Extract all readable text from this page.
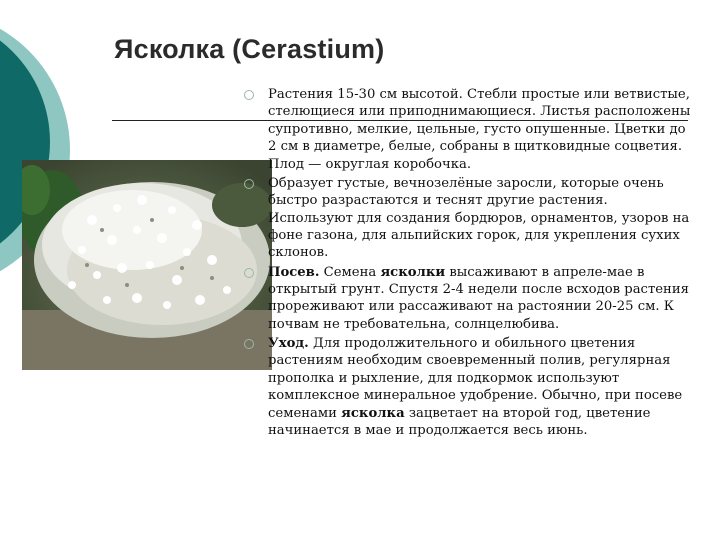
Ясколка (Cerastium)

Растения 15-30 см высотой. Стебли простые или ветвистые, стелющиеся или приподнимающиеся. Листья расположены супротивно, мелкие, цельные, густо опушенные. Цветки до 2 см в диаметре, белые, собраны в щитковидные соцветия. Плод — округлая коробочка.

Образует густые, вечнозелёные заросли, которые очень быстро разрастаются и теснят другие растения. Используют для создания бордюров, орнаментов, узоров на фоне газона, для альпийских горок, для укрепления сухих склонов.

Посев. Семена ясколки высаживают в апреле-мае в открытый грунт. Спустя 2-4 недели после всходов растения прореживают или рассаживают на растоянии 20-25 см. К почвам не требовательна, солнцелюбива.

Уход. Для продолжительного и обильного цветения растениям необходим своевременный полив, регулярная прополка и рыхление, для подкормок используют комплексное минеральное удобрение. Обычно, при посеве семенами ясколка зацветает на второй год, цветение начинается в мае и продолжается весь июнь.
